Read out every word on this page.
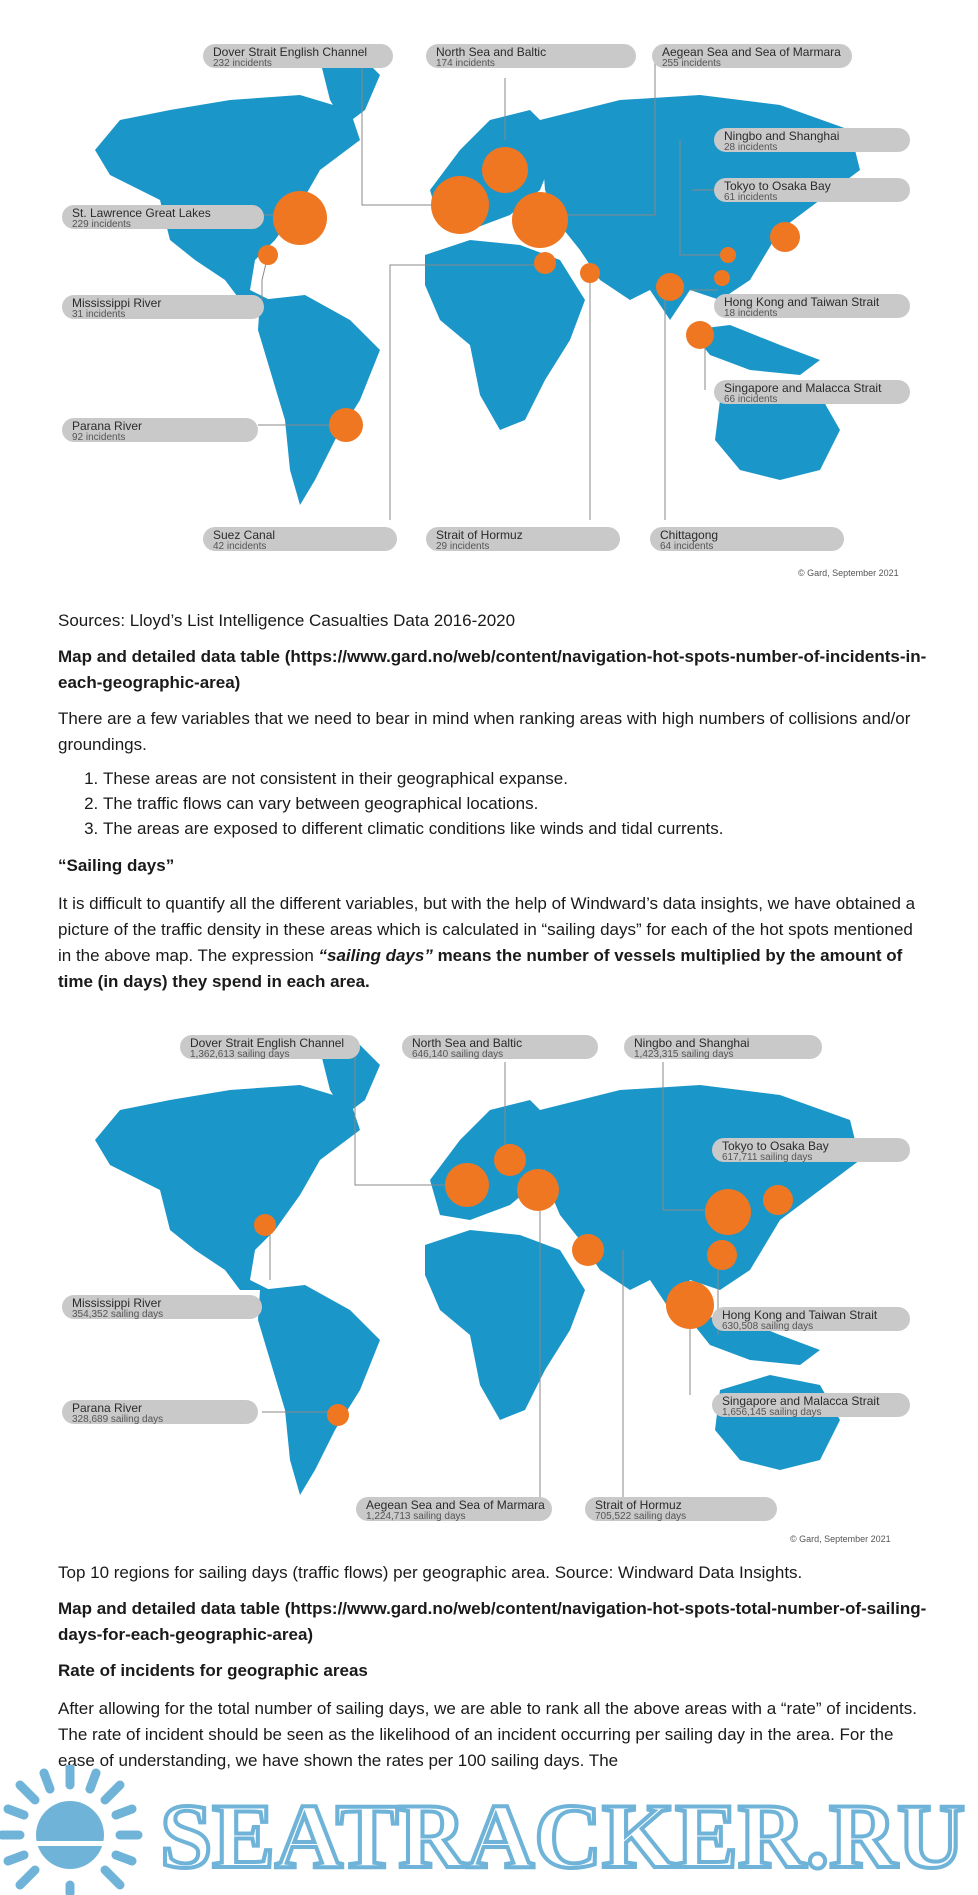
Dover Strait English Channel
232 incidents
North Sea and Baltic
174 incidents
Aegean Sea and Sea of Marmara
255 incidents
Ningbo and Shanghai
28 incidents
Tokyo to Osaka Bay
61 incidents
St. Lawrence Great Lakes
229 incidents
Mississippi River
31 incidents
Hong Kong and Taiwan Strait
18 incidents
Singapore and Malacca Strait
66 incidents
Parana River
92 incidents
Suez Canal
42 incidents
Strait of Hormuz
29 incidents
Chittagong
64 incidents
© Gard, September 2021

Sources: Lloyd’s List Intelligence Casualties Data 2016-2020

Map and detailed data table (https://www.gard.no/web/content/navigation-hot-spots-number-of-incidents-in-each-geographic-area)

There are a few variables that we need to bear in mind when ranking areas with high numbers of collisions and/or groundings.

1. These areas are not consistent in their geographical expanse.
2. The traffic flows can vary between geographical locations.
3. The areas are exposed to different climatic conditions like winds and tidal currents.

“Sailing days”

It is difficult to quantify all the different variables, but with the help of Windward’s data insights, we have obtained a picture of the traffic density in these areas which is calculated in “sailing days” for each of the hot spots mentioned in the above map. The expression “sailing days” means the number of vessels multiplied by the amount of time (in days) they spend in each area.

Dover Strait English Channel
1,362,613 sailing days
North Sea and Baltic
646,140 sailing days
Ningbo and Shanghai
1,423,315 sailing days
Tokyo to Osaka Bay
617,711 sailing days
Mississippi River
354,352 sailing days	Hong Kong and Taiwan Strait
630,508 sailing days
Singapore and Malacca Strait
1,656,145 sailing days
Parana River
328,689 sailing days
Aegean Sea and Sea of Marmara
1,224,713 sailing days
Strait of Hormuz
705,522 sailing days
© Gard, September 2021

Top 10 regions for sailing days (traffic flows) per geographic area. Source: Windward Data Insights.

Map and detailed data table (https://www.gard.no/web/content/navigation-hot-spots-total-number-of-sailing-days-for-each-geographic-area)

Rate of incidents for geographic areas

After allowing for the total number of sailing days, we are able to rank all the above areas with a “rate” of incidents. The rate of incident should be seen as the likelihood of an incident occurring per sailing day in the area. For the ease of understanding, we have shown the rates per 100 sailing days. The

SEATRACKER.RU
